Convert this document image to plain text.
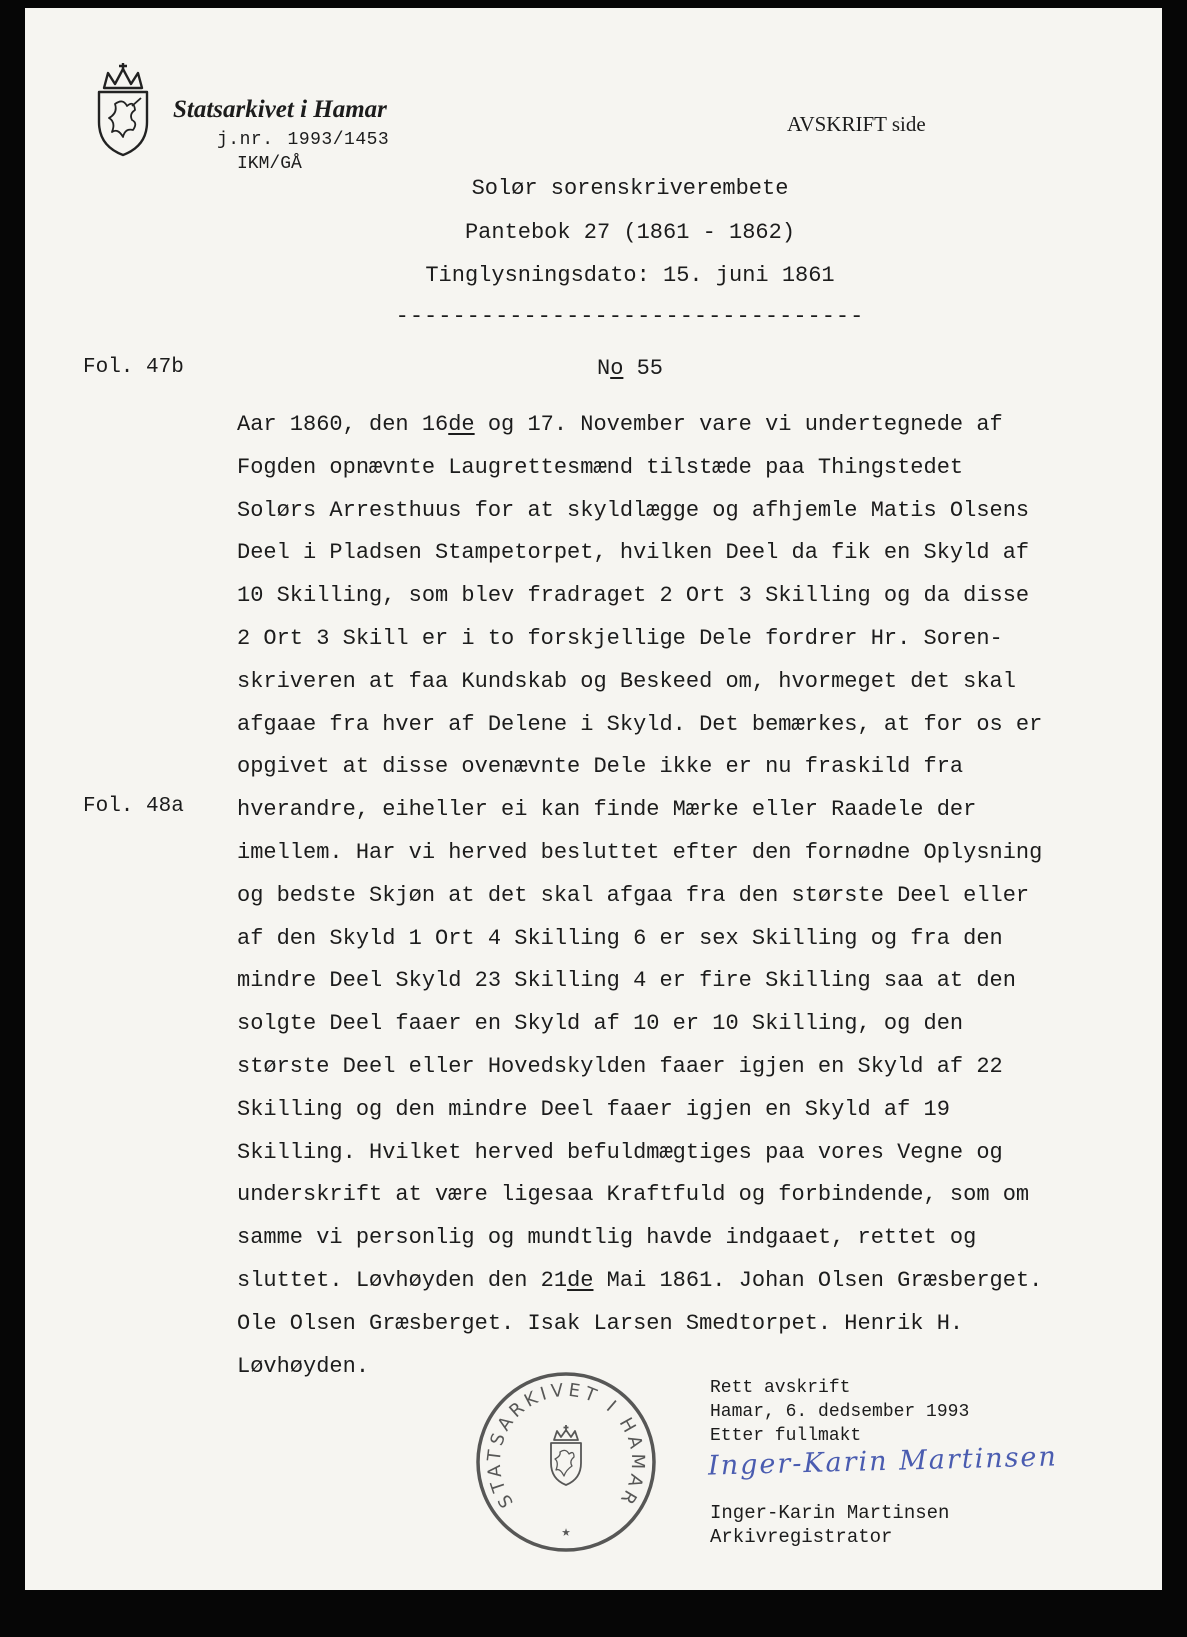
Statsarkivet i Hamar
j.nr. 1993/1453
IKM/GÅ
AVSKRIFT side
Solør sorenskriverembete
Pantebok 27 (1861 - 1862)
Tinglysningsdato: 15. juni 1861
---------------------------------
Fol. 47b
Fol. 48a
No 55
Aar 1860, den 16de og 17. November vare vi undertegnede af
Fogden opnævnte Laugrettesmænd tilstæde paa Thingstedet
Solørs Arresthuus for at skyldlægge og afhjemle Matis Olsens
Deel i Pladsen Stampetorpet, hvilken Deel da fik en Skyld af
10 Skilling, som blev fradraget 2 Ort 3 Skilling og da disse
2 Ort 3 Skill er i to forskjellige Dele fordrer Hr. Soren-
skriveren at faa Kundskab og Beskeed om, hvormeget det skal
afgaae fra hver af Delene i Skyld. Det bemærkes, at for os er
opgivet at disse ovenævnte Dele ikke er nu fraskild fra
hverandre, eiheller ei kan finde Mærke eller Raadele der
imellem. Har vi herved besluttet efter den fornødne Oplysning
og bedste Skjøn at det skal afgaa fra den største Deel eller
af den Skyld 1 Ort 4 Skilling 6 er sex Skilling og fra den
mindre Deel Skyld 23 Skilling 4 er fire Skilling saa at den
solgte Deel faaer en Skyld af 10 er 10 Skilling, og den
største Deel eller Hovedskylden faaer igjen en Skyld af 22
Skilling og den mindre Deel faaer igjen en Skyld af 19
Skilling. Hvilket herved befuldmægtiges paa vores Vegne og
underskrift at være ligesaa Kraftfuld og forbindende, som om
samme vi personlig og mundtlig havde indgaaet, rettet og
sluttet. Løvhøyden den 21de Mai 1861. Johan Olsen Græsberget.
Ole Olsen Græsberget. Isak Larsen Smedtorpet. Henrik H.
Løvhøyden.
STATSARKIVET I HAMAR
★
Rett avskrift
Hamar, 6. dedsember 1993
Etter fullmakt
Inger-Karin Martinsen
Inger-Karin Martinsen
Arkivregistrator
